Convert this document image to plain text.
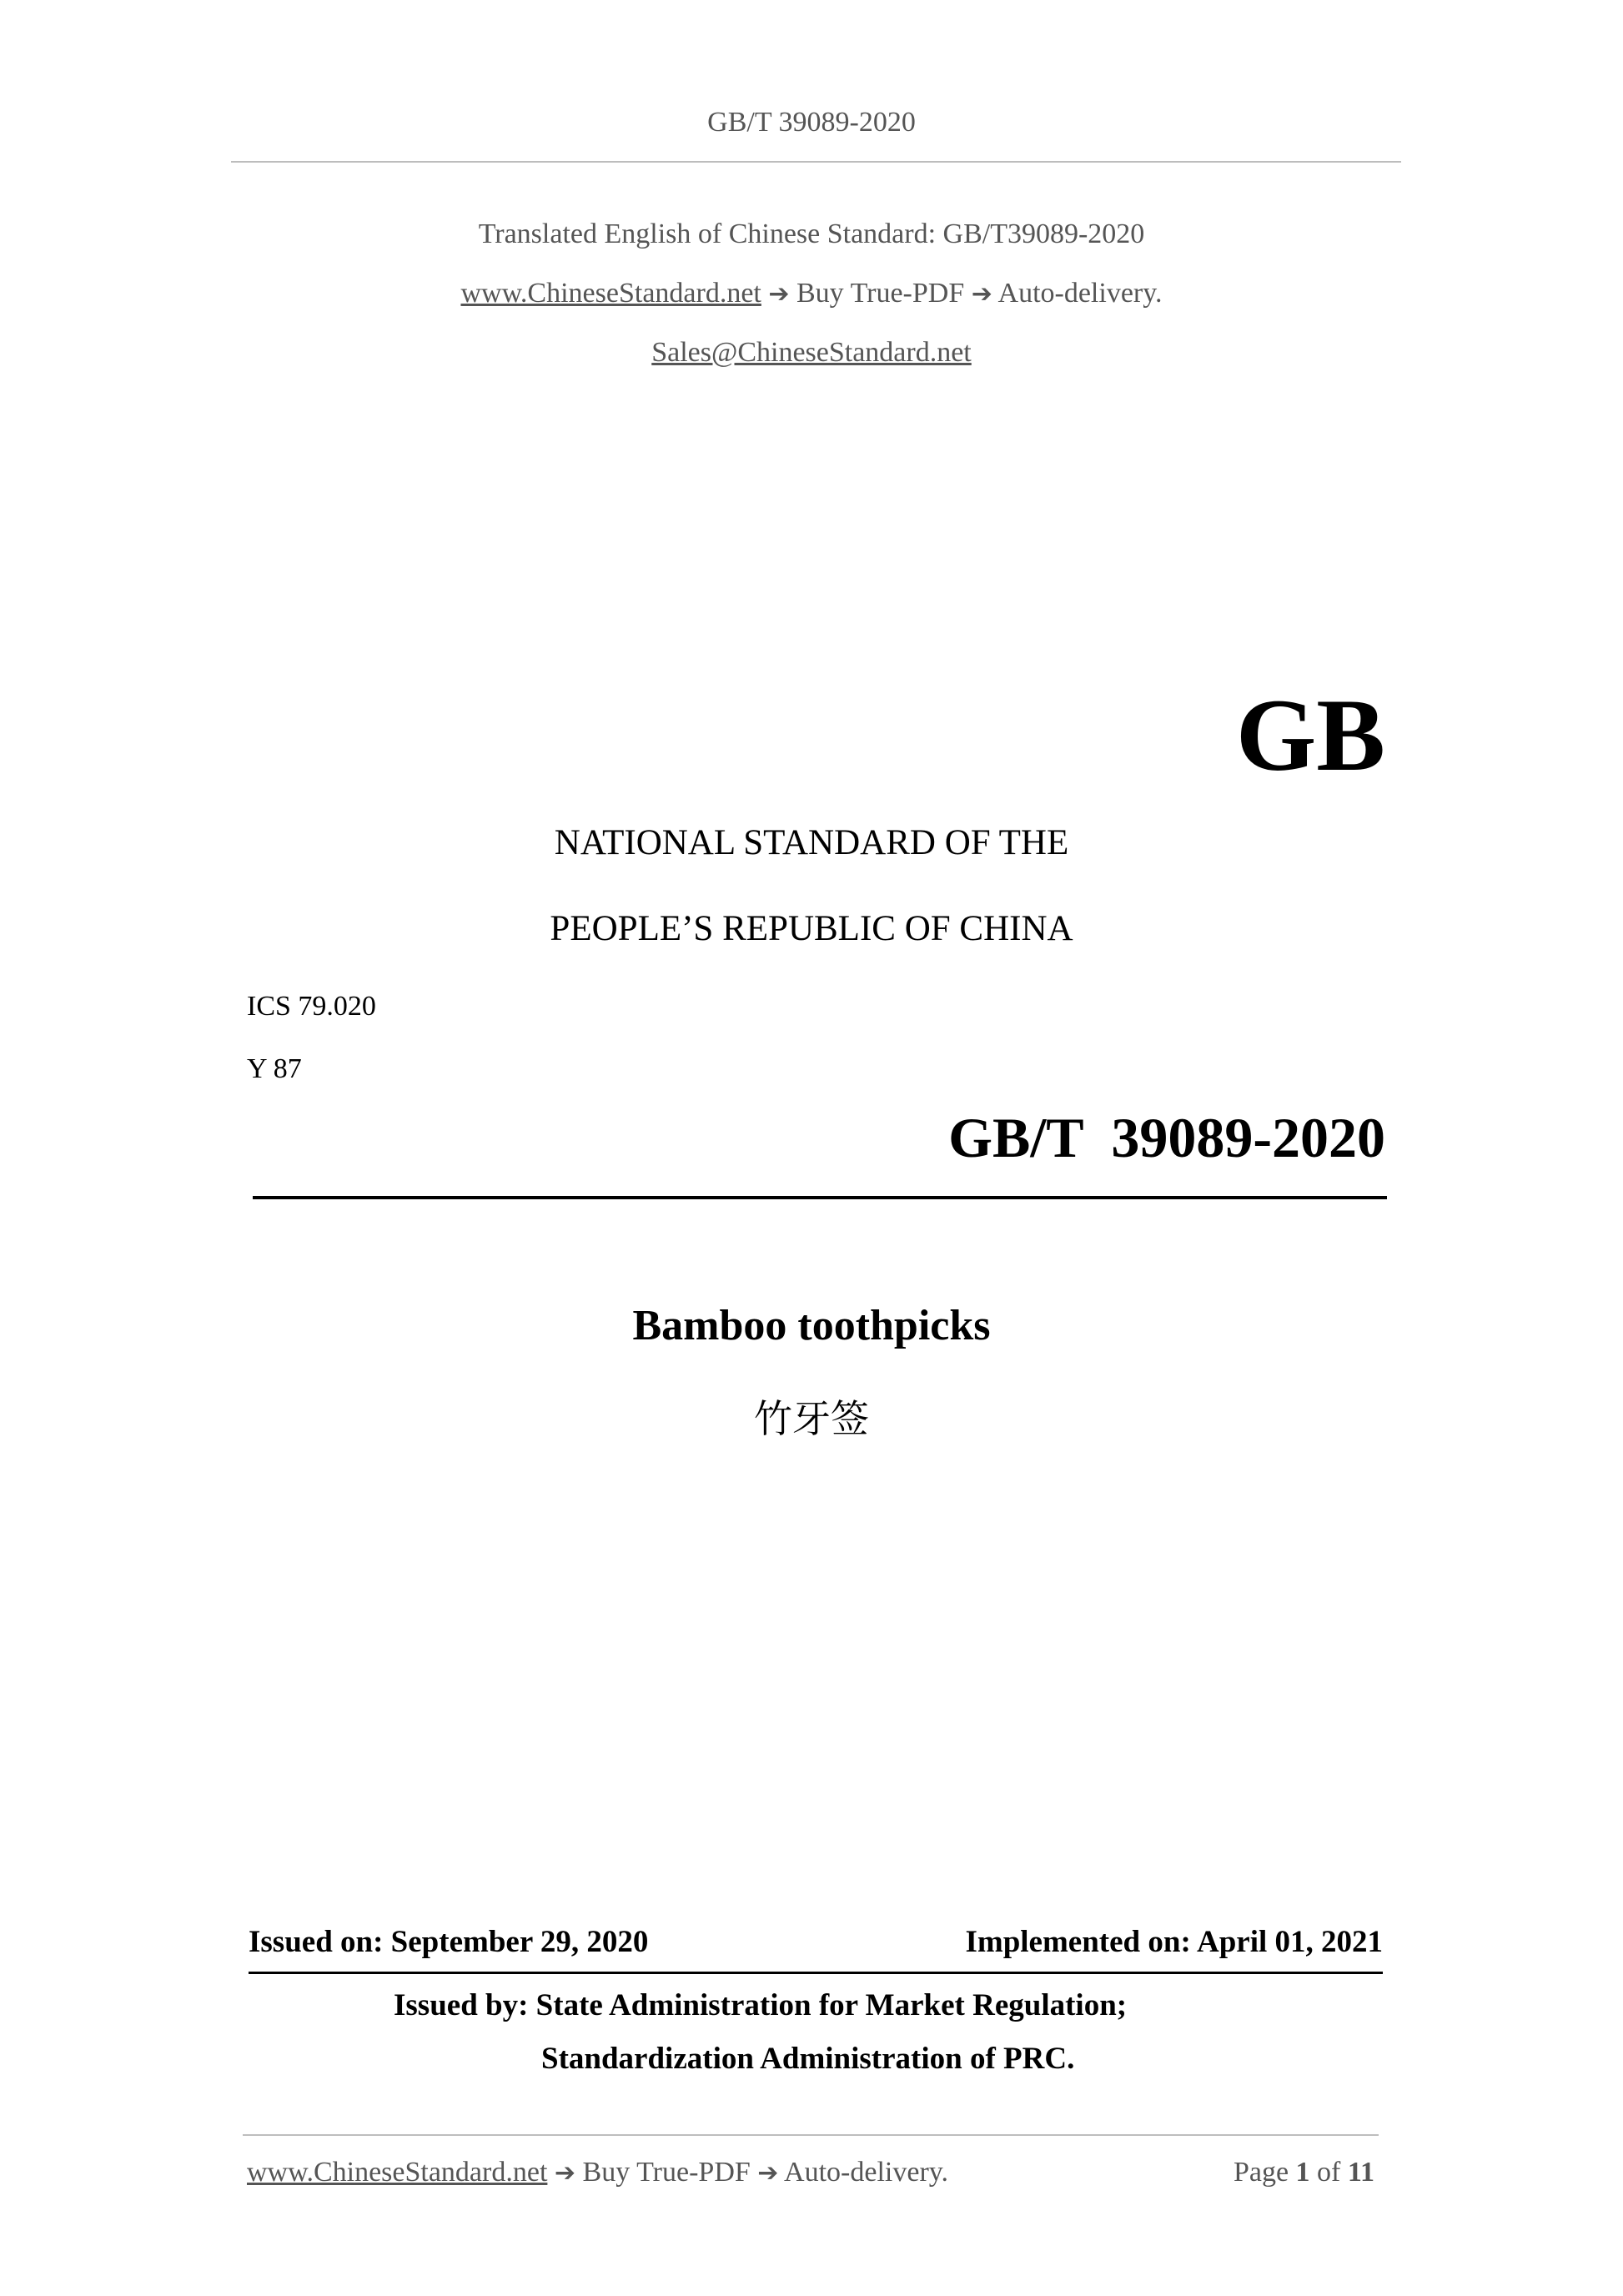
GB/T 39089-2020
Translated English of Chinese Standard: GB/T39089-2020
www.ChineseStandard.net ➔ Buy True-PDF ➔ Auto-delivery.
Sales@ChineseStandard.net
GB
NATIONAL STANDARD OF THE
PEOPLE’S REPUBLIC OF CHINA
ICS 79.020
Y 87
GB/T  39089-2020
Bamboo toothpicks
竹牙签
Issued on: September 29, 2020	Implemented on: April 01, 2021
Issued by: State Administration for Market Regulation;
Standardization Administration of PRC.
www.ChineseStandard.net ➔ Buy True-PDF ➔ Auto-delivery.	Page 1 of 11
